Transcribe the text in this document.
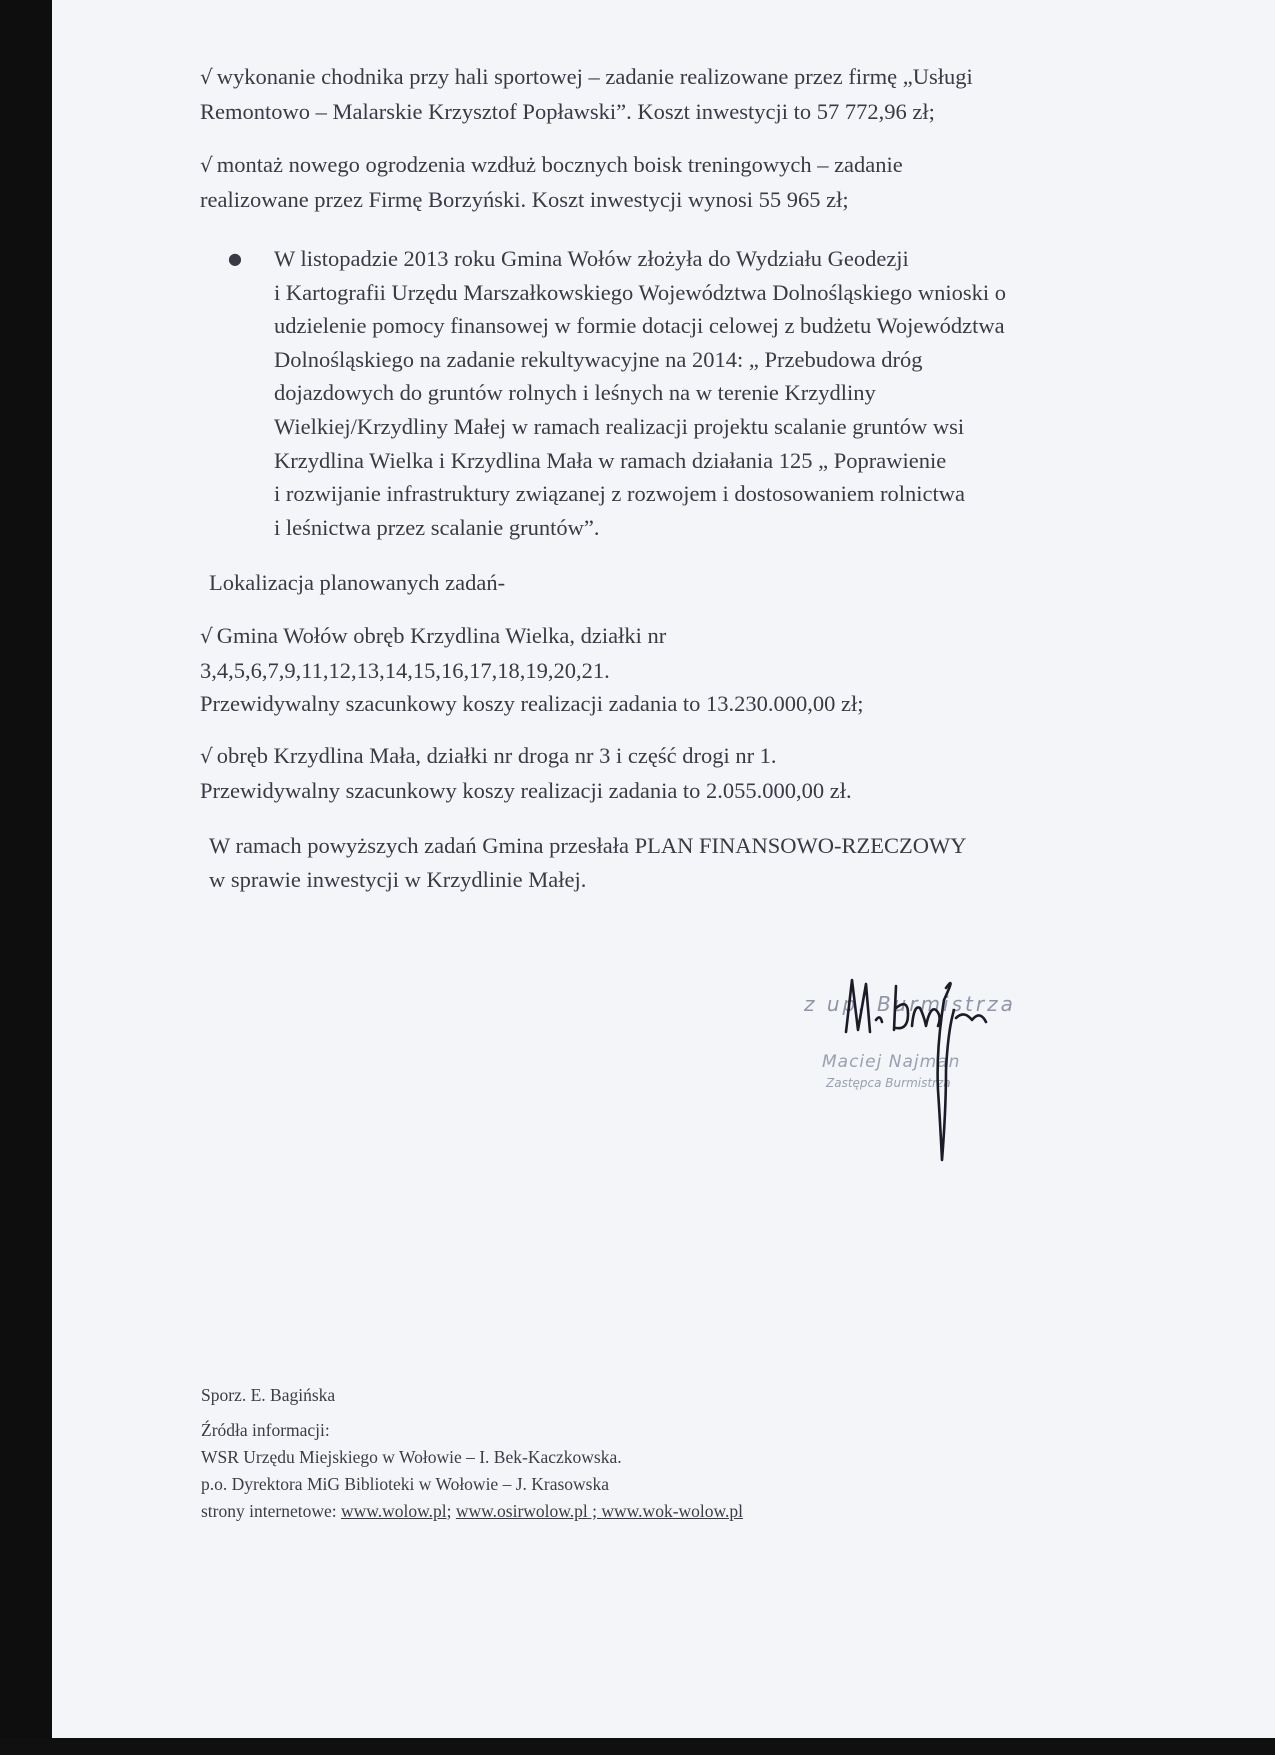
√ wykonanie chodnika przy hali sportowej – zadanie realizowane przez firmę „Usługi

Remontowo – Malarskie Krzysztof Popławski”. Koszt inwestycji to 57 772,96 zł;

√ montaż nowego ogrodzenia wzdłuż bocznych boisk treningowych – zadanie

realizowane przez Firmę Borzyński. Koszt inwestycji wynosi 55 965 zł;

● W listopadzie 2013 roku Gmina Wołów złożyła do Wydziału Geodezji
i Kartografii Urzędu Marszałkowskiego Województwa Dolnośląskiego wnioski o
udzielenie pomocy finansowej w formie dotacji celowej z budżetu Województwa
Dolnośląskiego na zadanie rekultywacyjne na 2014: „ Przebudowa dróg
dojazdowych do gruntów rolnych i leśnych na w terenie Krzydliny
Wielkiej/Krzydliny Małej w ramach realizacji projektu scalanie gruntów wsi
Krzydlina Wielka i Krzydlina Mała w ramach działania 125 „ Poprawienie
i rozwijanie infrastruktury związanej z rozwojem i dostosowaniem rolnictwa
i leśnictwa przez scalanie gruntów”.

Lokalizacja planowanych zadań-

√ Gmina Wołów obręb Krzydlina Wielka, działki nr

3,4,5,6,7,9,11,12,13,14,15,16,17,18,19,20,21.

Przewidywalny szacunkowy koszy realizacji zadania to 13.230.000,00 zł;

√ obręb Krzydlina Mała, działki nr droga nr 3 i część drogi nr 1.

Przewidywalny szacunkowy koszy realizacji zadania to 2.055.000,00 zł.

W ramach powyższych zadań Gmina przesłała PLAN FINANSOWO-RZECZOWY

w sprawie inwestycji w Krzydlinie Małej.

z up. Burmistrza
Maciej Najman
Zastępca Burmistrza
Sporz. E. Bagińska
Źródła informacji:
WSR Urzędu Miejskiego w Wołowie – I. Bek-Kaczkowska.
p.o. Dyrektora MiG Biblioteki w Wołowie – J. Krasowska
strony internetowe: www.wolow.pl; www.osirwolow.pl ; www.wok-wolow.pl
